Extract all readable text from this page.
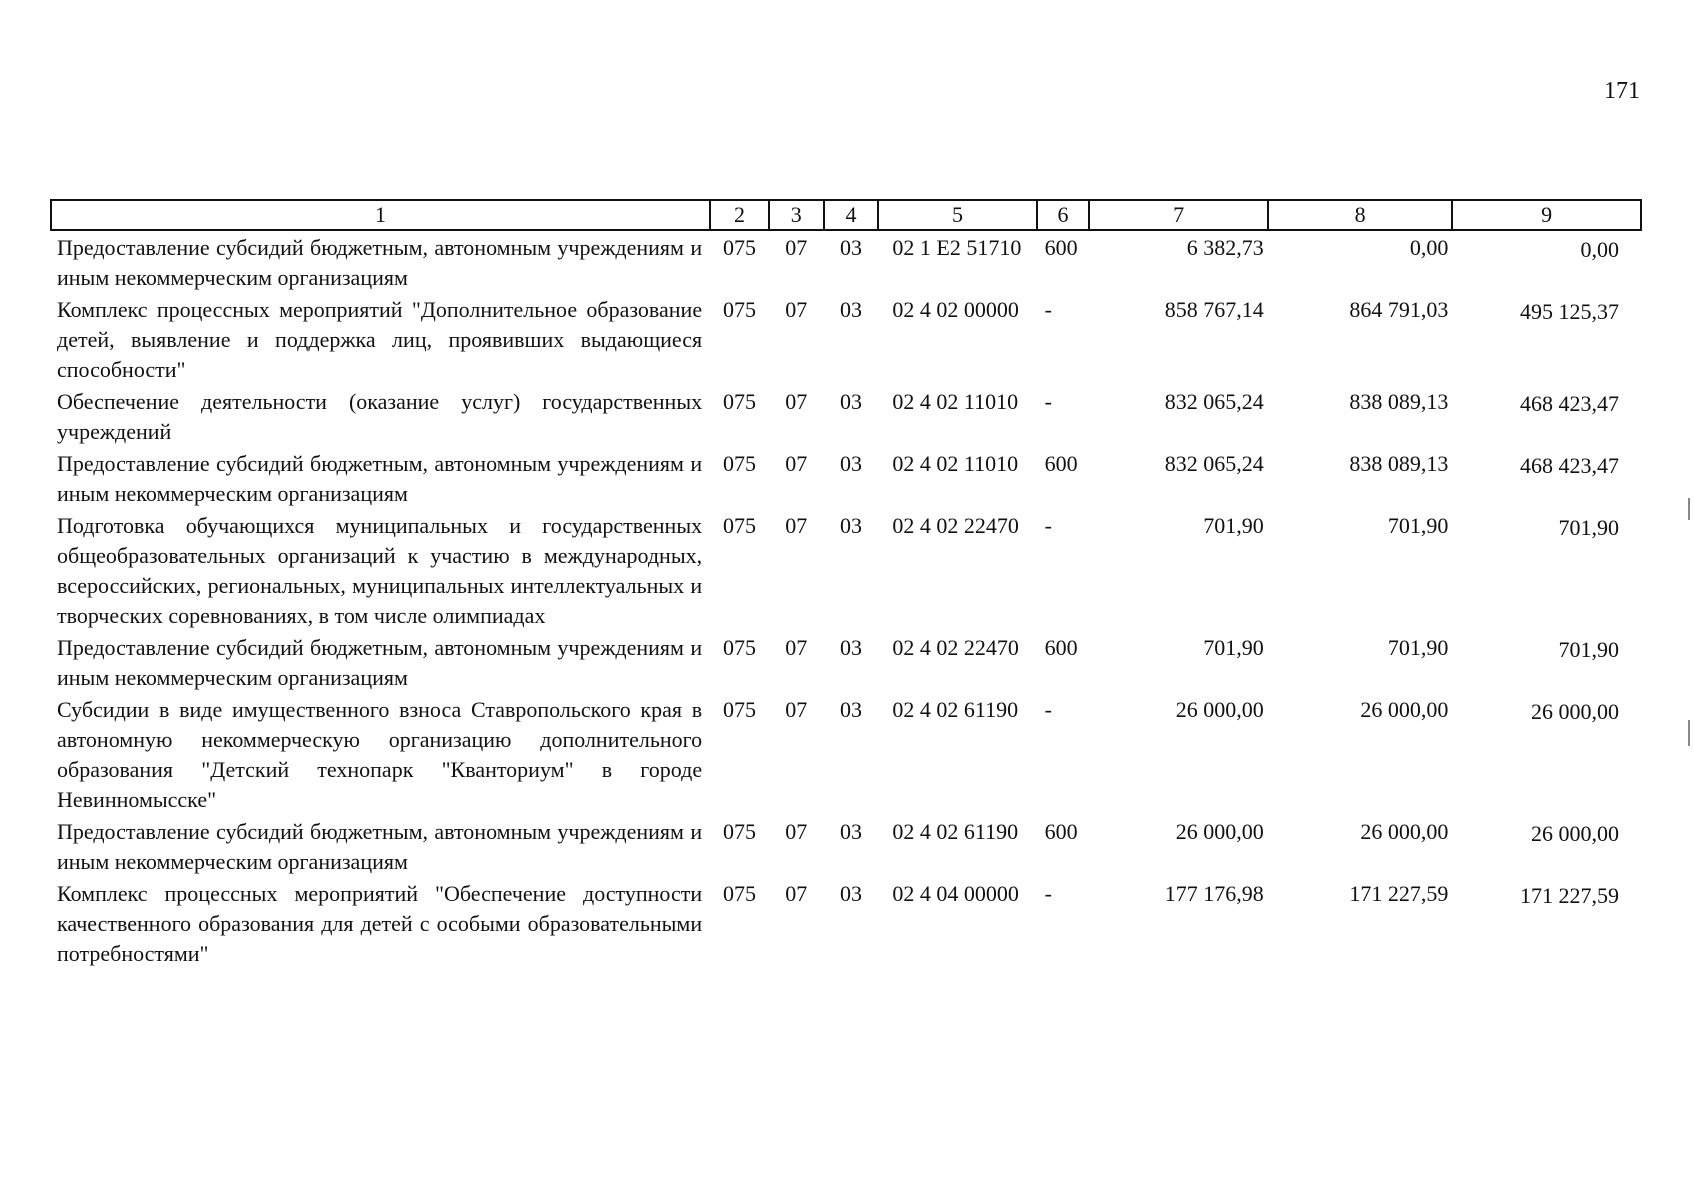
171
1	2	3	4	5	6	7	8	9
Предоставление субсидий бюджетным, автономным учреждениям и иным некоммерческим организациям	075	07	03	02 1 Е2 51710	600	6 382,73	0,00	0,00
Комплекс процессных мероприятий "Дополнительное образование детей, выявление и поддержка лиц, проявивших выдающиеся способности"	075	07	03	02 4 02 00000	-	858 767,14	864 791,03	495 125,37
Обеспечение деятельности (оказание услуг) государственных учреждений	075	07	03	02 4 02 11010	-	832 065,24	838 089,13	468 423,47
Предоставление субсидий бюджетным, автономным учреждениям и иным некоммерческим организациям	075	07	03	02 4 02 11010	600	832 065,24	838 089,13	468 423,47
Подготовка обучающихся муниципальных и государственных общеобразовательных организаций к участию в международных, всероссийских, региональных, муниципальных интеллектуальных и творческих соревнованиях, в том числе олимпиадах	075	07	03	02 4 02 22470	-	701,90	701,90	701,90
Предоставление субсидий бюджетным, автономным учреждениям и иным некоммерческим организациям	075	07	03	02 4 02 22470	600	701,90	701,90	701,90
Субсидии в виде имущественного взноса Ставропольского края в автономную некоммерческую организацию дополнительного образования "Детский технопарк "Кванториум" в городе Невинномысске"	075	07	03	02 4 02 61190	-	26 000,00	26 000,00	26 000,00
Предоставление субсидий бюджетным, автономным учреждениям и иным некоммерческим организациям	075	07	03	02 4 02 61190	600	26 000,00	26 000,00	26 000,00
Комплекс процессных мероприятий "Обеспечение доступности качественного образования для детей с особыми образовательными потребностями"	075	07	03	02 4 04 00000	-	177 176,98	171 227,59	171 227,59
